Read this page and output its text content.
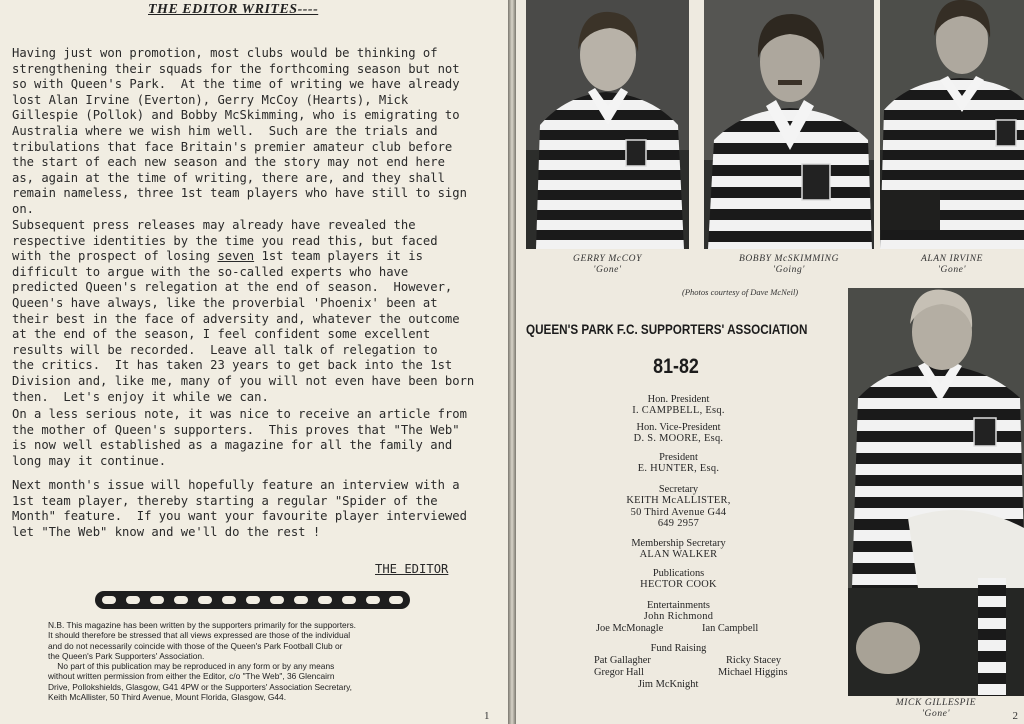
THE EDITOR WRITES----
Having just won promotion, most clubs would be thinking of
strengthening their squads for the forthcoming season but not
so with Queen's Park.  At the time of writing we have already
lost Alan Irvine (Everton), Gerry McCoy (Hearts), Mick
Gillespie (Pollok) and Bobby McSkimming, who is emigrating to
Australia where we wish him well.  Such are the trials and
tribulations that face Britain's premier amateur club before
the start of each new season and the story may not end here
as, again at the time of writing, there are, and they shall
remain nameless, three 1st team players who have still to sign
on.
Subsequent press releases may already have revealed the
respective identities by the time you read this, but faced
with the prospect of losing seven 1st team players it is
difficult to argue with the so-called experts who have
predicted Queen's relegation at the end of season.  However,
Queen's have always, like the proverbial 'Phoenix' been at
their best in the face of adversity and, whatever the outcome
at the end of the season, I feel confident some excellent
results will be recorded.  Leave all talk of relegation to
the critics.  It has taken 23 years to get back into the 1st
Division and, like me, many of you will not even have been born
then.  Let's enjoy it while we can.
On a less serious note, it was nice to receive an article from
the mother of Queen's supporters.  This proves that "The Web"
is now well established as a magazine for all the family and
long may it continue.
Next month's issue will hopefully feature an interview with a
1st team player, thereby starting a regular "Spider of the
Month" feature.  If you want your favourite player interviewed
let "The Web" know and we'll do the rest !
THE EDITOR
N.B. This magazine has been written by the supporters primarily for the supporters.
It should therefore be stressed that all views expressed are those of the individual
and do not necessarily coincide with those of the Queen's Park Football Club or
the Queen's Park Supporters' Association.
No part of this publication may be reproduced in any form or by any means
without written permission from either the Editor, c/o "The Web", 36 Glencairn
Drive, Pollokshields, Glasgow, G41 4PW or the Supporters' Association Secretary,
Keith McAllister, 50 Third Avenue, Mount Florida, Glasgow, G44.
1
GERRY McCOY
'Gone'
BOBBY McSKIMMING
'Going'
ALAN IRVINE
'Gone'
(Photos courtesy of Dave McNeil)
MICK GILLESPIE
'Gone'
QUEEN'S PARK F.C. SUPPORTERS' ASSOCIATION
81-82
Hon. President
I. CAMPBELL, Esq.
Hon. Vice-President
D. S. MOORE, Esq.
President
E. HUNTER, Esq.
Secretary
KEITH McALLISTER,
50 Third Avenue G44
649 2957
Membership Secretary
ALAN WALKER
Publications
HECTOR COOK
Entertainments
John Richmond
Joe McMonagle	Ian Campbell
Fund Raising
Pat Gallagher	Ricky Stacey
Gregor Hall	Michael Higgins
Jim McKnight
2
